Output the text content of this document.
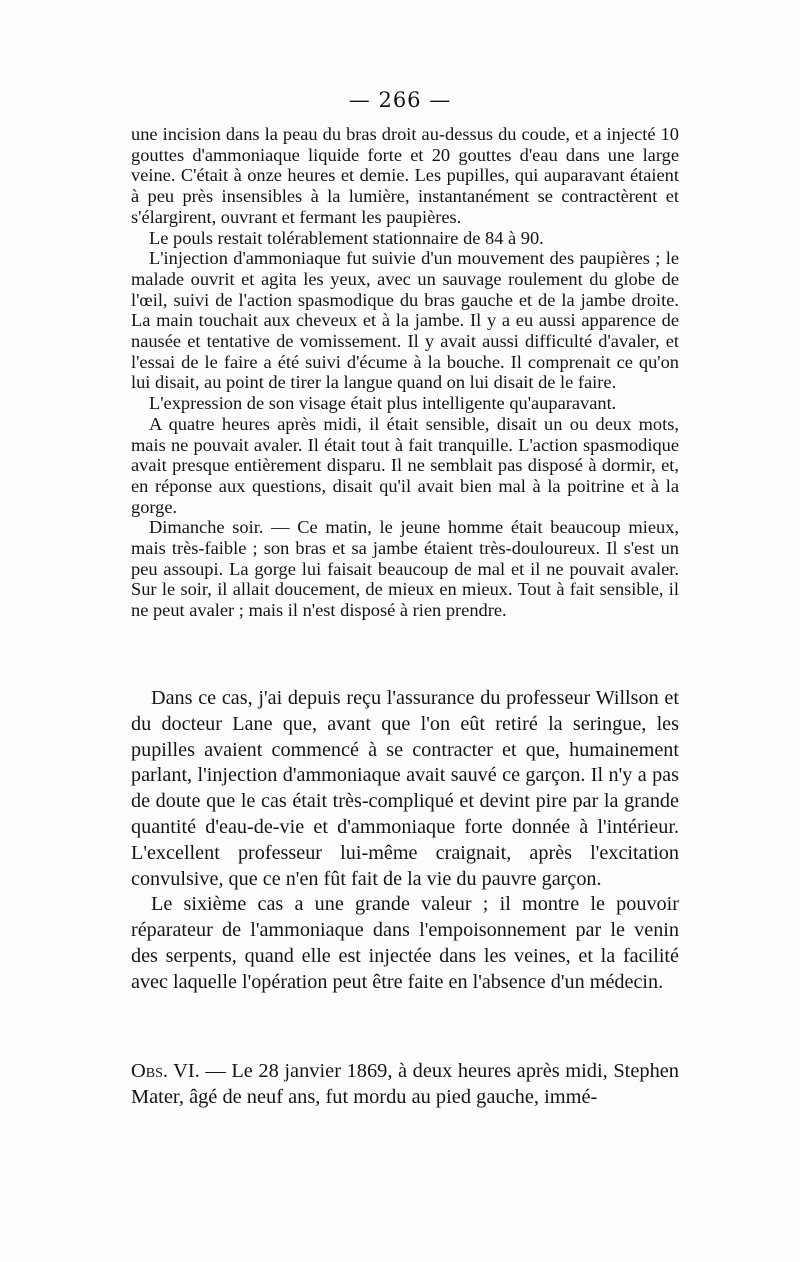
— 266 —

une incision dans la peau du bras droit au-dessus du coude, et a injecté 10 gouttes d'ammoniaque liquide forte et 20 gouttes d'eau dans une large veine. C'était à onze heures et demie. Les pupilles, qui auparavant étaient à peu près insensibles à la lumière, instantanément se contractèrent et s'élargirent, ouvrant et fermant les paupières.

Le pouls restait tolérablement stationnaire de 84 à 90.

L'injection d'ammoniaque fut suivie d'un mouvement des paupières ; le malade ouvrit et agita les yeux, avec un sauvage roulement du globe de l'œil, suivi de l'action spasmodique du bras gauche et de la jambe droite. La main touchait aux cheveux et à la jambe. Il y a eu aussi apparence de nausée et tentative de vomissement. Il y avait aussi difficulté d'avaler, et l'essai de le faire a été suivi d'écume à la bouche. Il comprenait ce qu'on lui disait, au point de tirer la langue quand on lui disait de le faire.

L'expression de son visage était plus intelligente qu'auparavant.

A quatre heures après midi, il était sensible, disait un ou deux mots, mais ne pouvait avaler. Il était tout à fait tranquille. L'action spasmodique avait presque entièrement disparu. Il ne semblait pas disposé à dormir, et, en réponse aux questions, disait qu'il avait bien mal à la poitrine et à la gorge.

Dimanche soir. — Ce matin, le jeune homme était beaucoup mieux, mais très-faible ; son bras et sa jambe étaient très-douloureux. Il s'est un peu assoupi. La gorge lui faisait beaucoup de mal et il ne pouvait avaler. Sur le soir, il allait doucement, de mieux en mieux. Tout à fait sensible, il ne peut avaler ; mais il n'est disposé à rien prendre.

Dans ce cas, j'ai depuis reçu l'assurance du professeur Willson et du docteur Lane que, avant que l'on eût retiré la seringue, les pupilles avaient commencé à se contracter et que, humainement parlant, l'injection d'ammoniaque avait sauvé ce garçon. Il n'y a pas de doute que le cas était très-compliqué et devint pire par la grande quantité d'eau-de-vie et d'ammoniaque forte donnée à l'intérieur. L'excellent professeur lui-même craignait, après l'excitation convulsive, que ce n'en fût fait de la vie du pauvre garçon.

Le sixième cas a une grande valeur ; il montre le pouvoir réparateur de l'ammoniaque dans l'empoisonnement par le venin des serpents, quand elle est injectée dans les veines, et la facilité avec laquelle l'opération peut être faite en l'absence d'un médecin.

Obs. VI. — Le 28 janvier 1869, à deux heures après midi, Stephen Mater, âgé de neuf ans, fut mordu au pied gauche, immé-
